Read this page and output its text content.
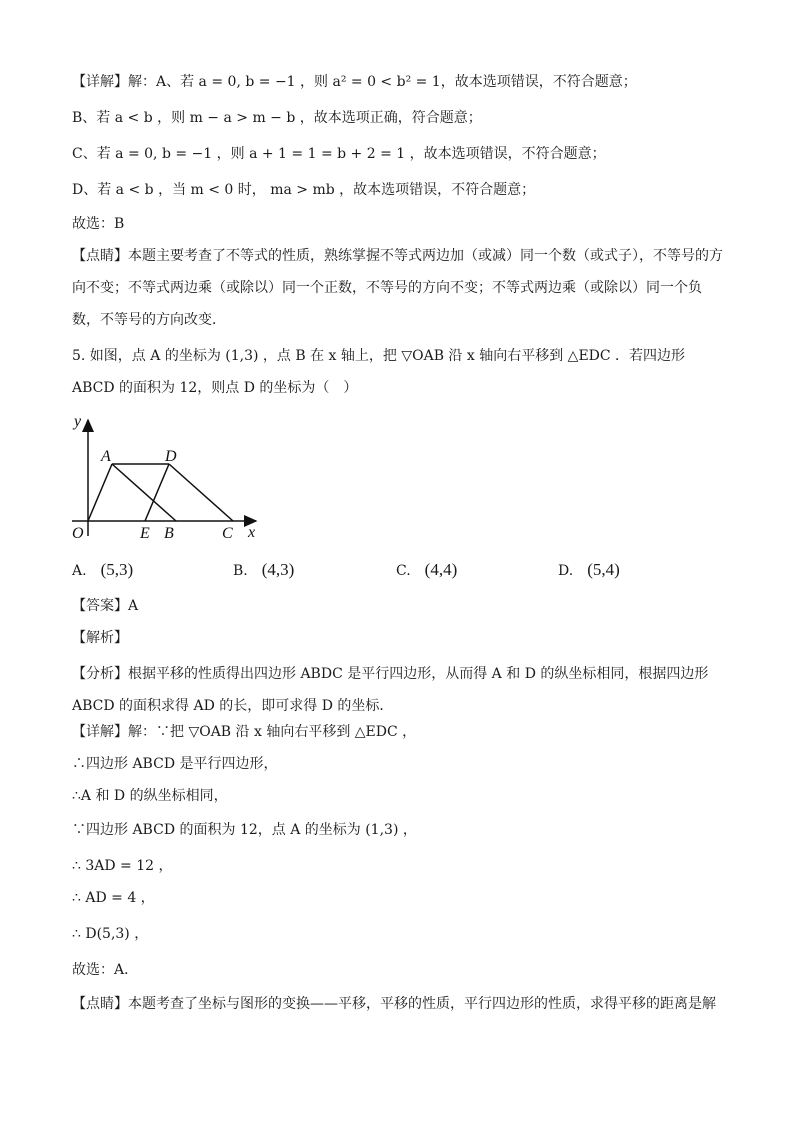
【详解】解：A、若 a = 0, b = −1 ，则 a² = 0 < b² = 1，故本选项错误，不符合题意；
B、若 a < b ，则 m − a > m − b ，故本选项正确，符合题意；
C、若 a = 0, b = −1 ，则 a + 1 = 1 = b + 2 = 1 ，故本选项错误，不符合题意；
D、若 a < b ，当 m < 0 时， ma > mb ，故本选项错误，不符合题意；
故选：B
【点睛】本题主要考查了不等式的性质，熟练掌握不等式两边加（或减）同一个数（或式子），不等号的方向不变；不等式两边乘（或除以）同一个正数，不等号的方向不变；不等式两边乘（或除以）同一个负数，不等号的方向改变．
5. 如图，点 A 的坐标为 (1,3) ，点 B 在 x 轴上，把 ▽OAB 沿 x 轴向右平移到 △EDC ．若四边形 ABCD 的面积为 12，则点 D 的坐标为（　）
y
A	D
O	E B	C x
A. (5,3)	B. (4,3)	C. (4,4)	D. (5,4)
【答案】A
【解析】
【分析】根据平移的性质得出四边形 ABDC 是平行四边形，从而得 A 和 D 的纵坐标相同，根据四边形 ABCD 的面积求得 AD 的长，即可求得 D 的坐标．
【详解】解：∵把 ▽OAB 沿 x 轴向右平移到 △EDC ，
∴四边形 ABCD 是平行四边形，
∴A 和 D 的纵坐标相同，
∵四边形 ABCD 的面积为 12，点 A 的坐标为 (1,3) ，
∴ 3AD = 12 ，
∴ AD = 4 ，
∴ D(5,3) ，
故选：A．
【点睛】本题考查了坐标与图形的变换——平移，平移的性质，平行四边形的性质，求得平移的距离是解
